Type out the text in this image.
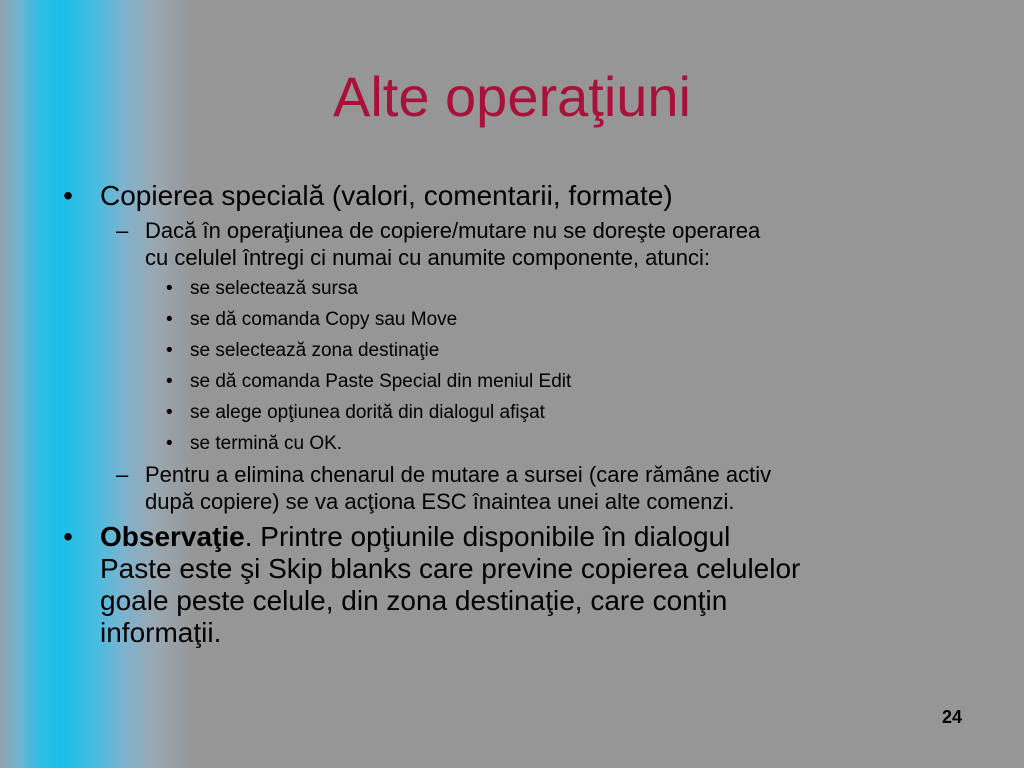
Alte operaţiuni
• Copierea specială (valori, comentarii, formate)
– Dacă în operaţiunea de copiere/mutare nu se doreşte operarea
cu celulel întregi ci numai cu anumite componente, atunci:
• se selectează sursa
• se dă comanda Copy sau Move
• se selectează zona destinaţie
• se dă comanda Paste Special din meniul Edit
• se alege opţiunea dorită din dialogul afişat
• se termină cu OK.
– Pentru a elimina chenarul de mutare a sursei (care rămâne activ
după copiere) se va acţiona ESC înaintea unei alte comenzi.
• Observaţie. Printre opţiunile disponibile în dialogul
Paste este şi Skip blanks care previne copierea celulelor
goale peste celule, din zona destinaţie, care conţin
informaţii.
24
